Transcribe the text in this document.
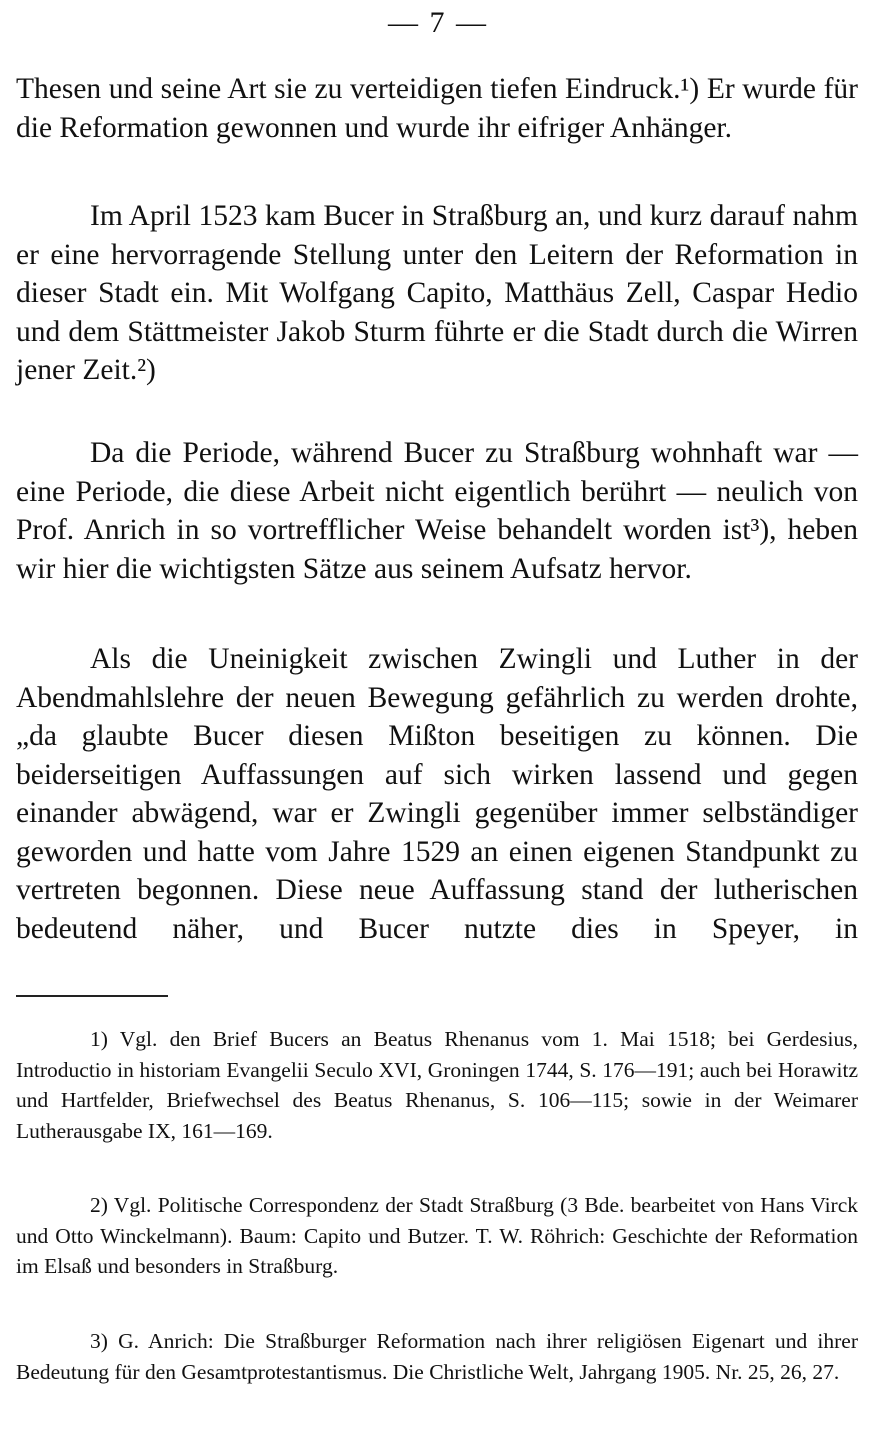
— 7 —

Thesen und seine Art sie zu verteidigen tiefen Eindruck.¹) Er wurde für die Reformation gewonnen und wurde ihr eifriger Anhänger.

Im April 1523 kam Bucer in Straßburg an, und kurz darauf nahm er eine hervorragende Stellung unter den Leitern der Reformation in dieser Stadt ein. Mit Wolfgang Capito, Matthäus Zell, Caspar Hedio und dem Stättmeister Jakob Sturm führte er die Stadt durch die Wirren jener Zeit.²)

Da die Periode, während Bucer zu Straßburg wohnhaft war — eine Periode, die diese Arbeit nicht eigentlich berührt — neulich von Prof. Anrich in so vortrefflicher Weise behandelt worden ist³), heben wir hier die wichtigsten Sätze aus seinem Aufsatz hervor.

Als die Uneinigkeit zwischen Zwingli und Luther in der Abendmahlslehre der neuen Bewegung gefährlich zu werden drohte, „da glaubte Bucer diesen Mißton beseitigen zu können. Die beiderseitigen Auffassungen auf sich wirken lassend und gegen einander abwägend, war er Zwingli gegenüber immer selbständiger geworden und hatte vom Jahre 1529 an einen eigenen Standpunkt zu vertreten begonnen. Diese neue Auffassung stand der lutherischen bedeutend näher, und Bucer nutzte dies in Speyer, in

1) Vgl. den Brief Bucers an Beatus Rhenanus vom 1. Mai 1518; bei Gerdesius, Introductio in historiam Evangelii Seculo XVI, Groningen 1744, S. 176—191; auch bei Horawitz und Hartfelder, Briefwechsel des Beatus Rhenanus, S. 106—115; sowie in der Weimarer Lutherausgabe IX, 161—169.

2) Vgl. Politische Correspondenz der Stadt Straßburg (3 Bde. bearbeitet von Hans Virck und Otto Winckelmann). Baum: Capito und Butzer. T. W. Röhrich: Geschichte der Reformation im Elsaß und besonders in Straßburg.

3) G. Anrich: Die Straßburger Reformation nach ihrer religiösen Eigenart und ihrer Bedeutung für den Gesamtprotestantismus. Die Christliche Welt, Jahrgang 1905. Nr. 25, 26, 27.
